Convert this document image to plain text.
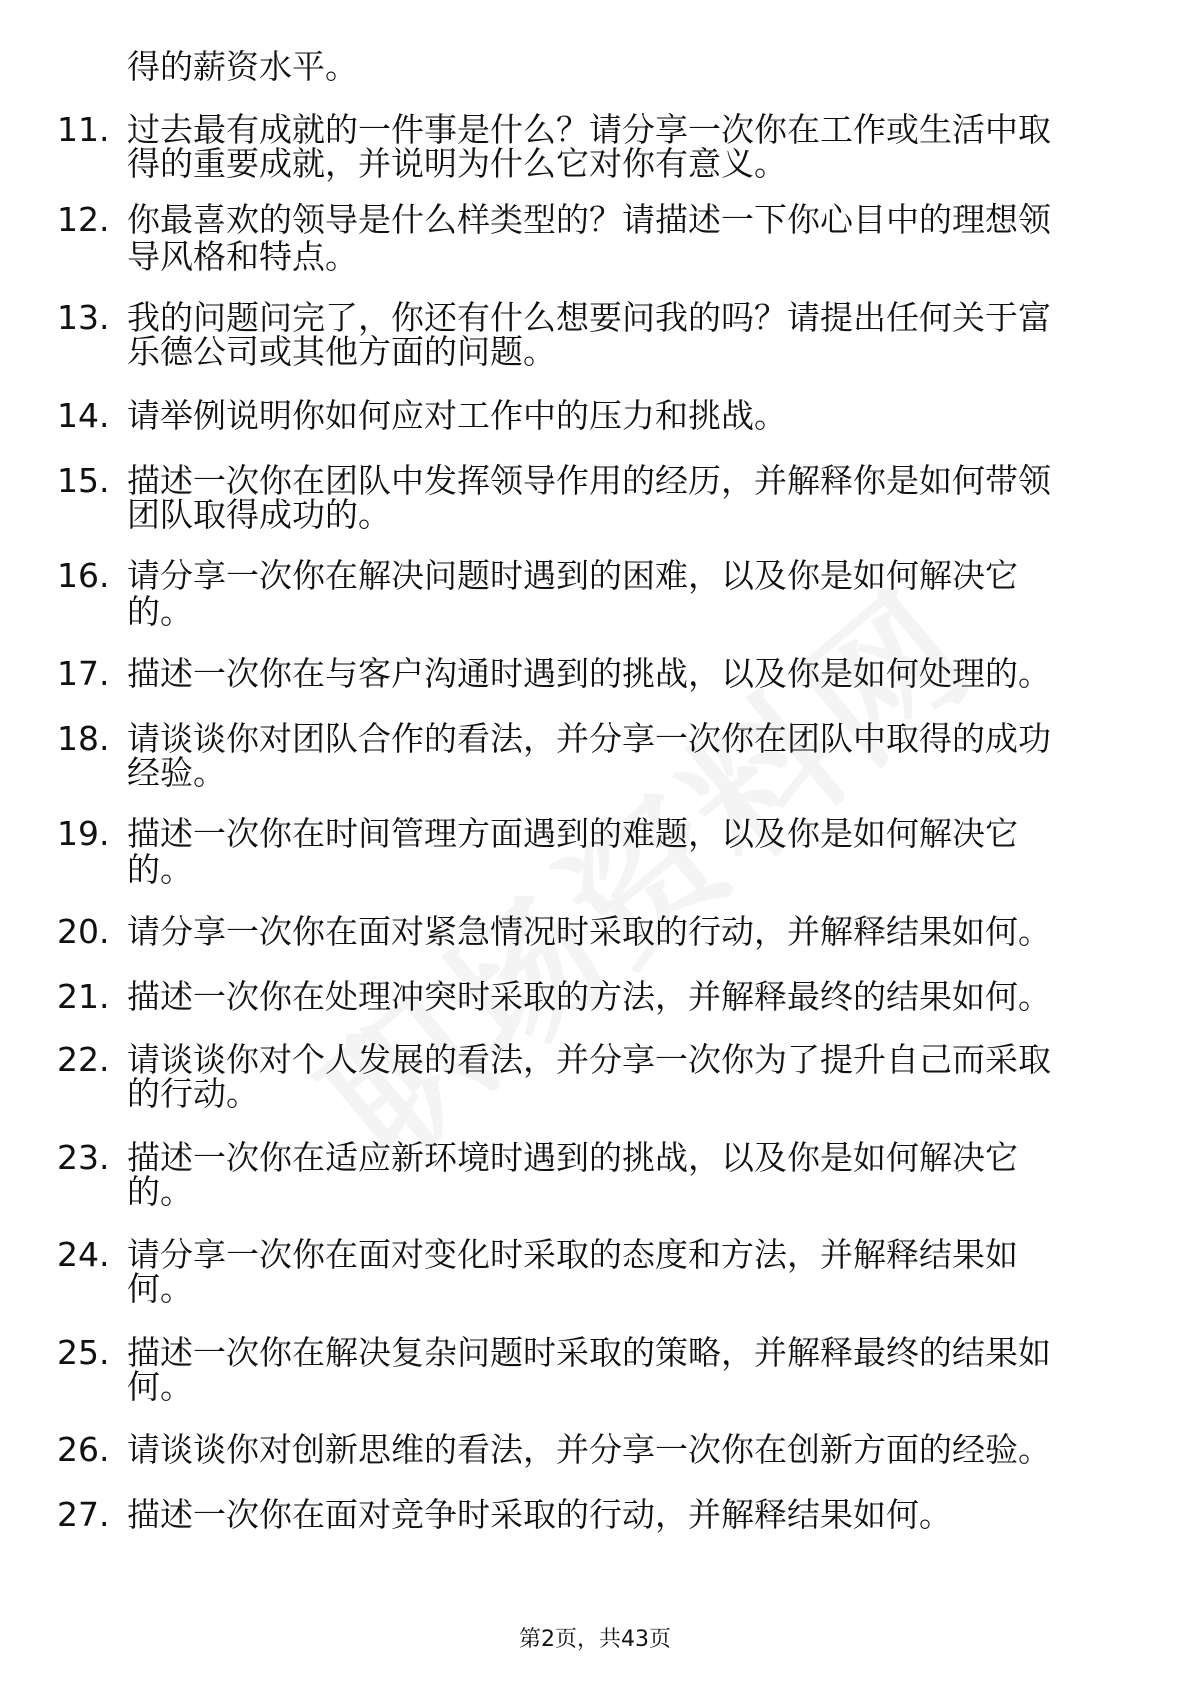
得的薪资水平。
11. 过去最有成就的一件事是什么？请分享一次你在工作或生活中取
得的重要成就，并说明为什么它对你有意义。
12. 你最喜欢的领导是什么样类型的？请描述一下你心目中的理想领
导风格和特点。
13. 我的问题问完了，你还有什么想要问我的吗？请提出任何关于富
乐德公司或其他方面的问题。
14. 请举例说明你如何应对工作中的压力和挑战。
15. 描述一次你在团队中发挥领导作用的经历，并解释你是如何带领
团队取得成功的。
16. 请分享一次你在解决问题时遇到的困难，以及你是如何解决它
的。
17. 描述一次你在与客户沟通时遇到的挑战，以及你是如何处理的。
18. 请谈谈你对团队合作的看法，并分享一次你在团队中取得的成功
经验。
19. 描述一次你在时间管理方面遇到的难题，以及你是如何解决它
的。
20. 请分享一次你在面对紧急情况时采取的行动，并解释结果如何。
21. 描述一次你在处理冲突时采取的方法，并解释最终的结果如何。
22. 请谈谈你对个人发展的看法，并分享一次你为了提升自己而采取
的行动。
23. 描述一次你在适应新环境时遇到的挑战，以及你是如何解决它
的。
24. 请分享一次你在面对变化时采取的态度和方法，并解释结果如
何。
25. 描述一次你在解决复杂问题时采取的策略，并解释最终的结果如
何。
26. 请谈谈你对创新思维的看法，并分享一次你在创新方面的经验。
27. 描述一次你在面对竞争时采取的行动，并解释结果如何。
第2页，共43页
